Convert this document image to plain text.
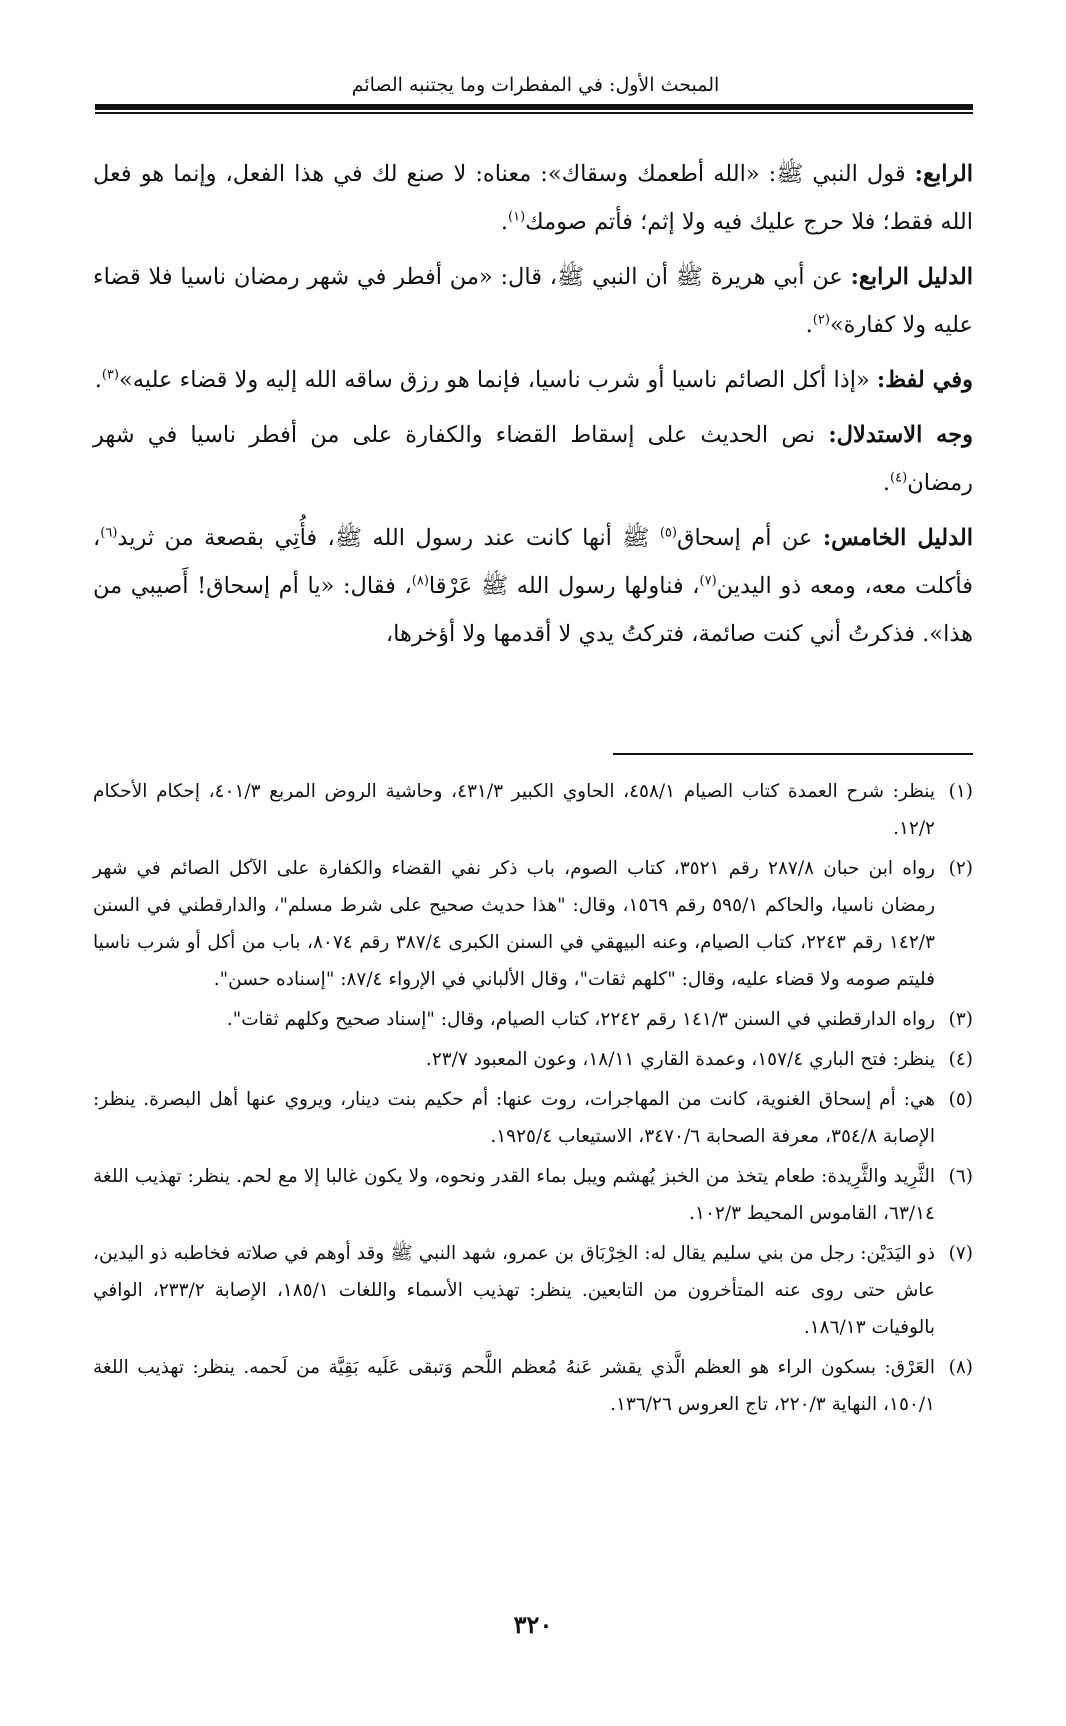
المبحث الأول: في المفطرات وما يجتنبه الصائم

الرابع: قول النبي ﷺ: «الله أطعمك وسقاك»: معناه: لا صنع لك في هذا الفعل، وإنما هو فعل الله فقط؛ فلا حرج عليك فيه ولا إثم؛ فأتم صومك$^{(١)}$.

الدليل الرابع: عن أبي هريرة ﷺ أن النبي ﷺ، قال: «من أفطر في شهر رمضان ناسيا فلا قضاء عليه ولا كفارة»$^{(٢)}$.

وفي لفظ: «إذا أكل الصائم ناسيا أو شرب ناسيا، فإنما هو رزق ساقه الله إليه ولا قضاء عليه»$^{(٣)}$.

وجه الاستدلال: نص الحديث على إسقاط القضاء والكفارة على من أفطر ناسيا في شهر رمضان$^{(٤)}$.

الدليل الخامس: عن أم إسحاق$^{(٥)}$ ﷺ أنها كانت عند رسول الله ﷺ، فأُتِي بقصعة من ثريد$^{(٦)}$، فأكلت معه، ومعه ذو اليدين$^{(٧)}$، فناولها رسول الله ﷺ عَرْقا$^{(٨)}$، فقال: «يا أم إسحاق! أَصيبي من هذا». فذكرتُ أني كنت صائمة، فتركتُ يدي لا أقدمها ولا أؤخرها،

(١)
ينظر: شرح العمدة كتاب الصيام ٤٥٨/١، الحاوي الكبير ٤٣١/٣، وحاشية الروض المربع ٤٠١/٣، إحكام الأحكام ١٢/٢.
(٢)
رواه ابن حبان ٢٨٧/٨ رقم ٣٥٢١، كتاب الصوم، باب ذكر نفي القضاء والكفارة على الآكل الصائم في شهر رمضان ناسيا، والحاكم ٥٩٥/١ رقم ١٥٦٩، وقال: "هذا حديث صحيح على شرط مسلم"، والدارقطني في السنن ١٤٢/٣ رقم ٢٢٤٣، كتاب الصيام، وعنه البيهقي في السنن الكبرى ٣٨٧/٤ رقم ٨٠٧٤، باب من أكل أو شرب ناسيا فليتم صومه ولا قضاء عليه، وقال: "كلهم ثقات"، وقال الألباني في الإرواء ٨٧/٤: "إسناده حسن".
(٣)
رواه الدارقطني في السنن ١٤١/٣ رقم ٢٢٤٢، كتاب الصيام، وقال: "إسناد صحيح وكلهم ثقات".
(٤)
ينظر: فتح الباري ١٥٧/٤، وعمدة القاري ١٨/١١، وعون المعبود ٢٣/٧.
(٥)
هي: أم إسحاق الغنوية، كانت من المهاجرات، روت عنها: أم حكيم بنت دينار، ويروي عنها أهل البصرة. ينظر: الإصابة ٣٥٤/٨، معرفة الصحابة ٣٤٧٠/٦، الاستيعاب ١٩٢٥/٤.
(٦)
الثَّرِيد والثَّرِيدة: طعام يتخذ من الخبز يُهشم ويبل بماء القدر ونحوه، ولا يكون غالبا إلا مع لحم. ينظر: تهذيب اللغة ٦٣/١٤، القاموس المحيط ١٠٢/٣.
(٧)
ذو اليَدَيْن: رجل من بني سليم يقال له: الخِرْبَاق بن عمرو، شهد النبي ﷺ وقد أوهم في صلاته فخاطبه ذو اليدين، عاش حتى روى عنه المتأخرون من التابعين. ينظر: تهذيب الأسماء واللغات ١٨٥/١، الإصابة ٢٣٣/٢، الوافي بالوفيات ١٨٦/١٣.
(٨)
العَرْق: بسكون الراء هو العظم الَّذي يقشر عَنهُ مُعظم اللَّحم وَتبقى عَلَيه بَقِيَّة من لَحمه. ينظر: تهذيب اللغة ١٥٠/١، النهاية ٢٢٠/٣، تاج العروس ١٣٦/٢٦.
٣٢٠
